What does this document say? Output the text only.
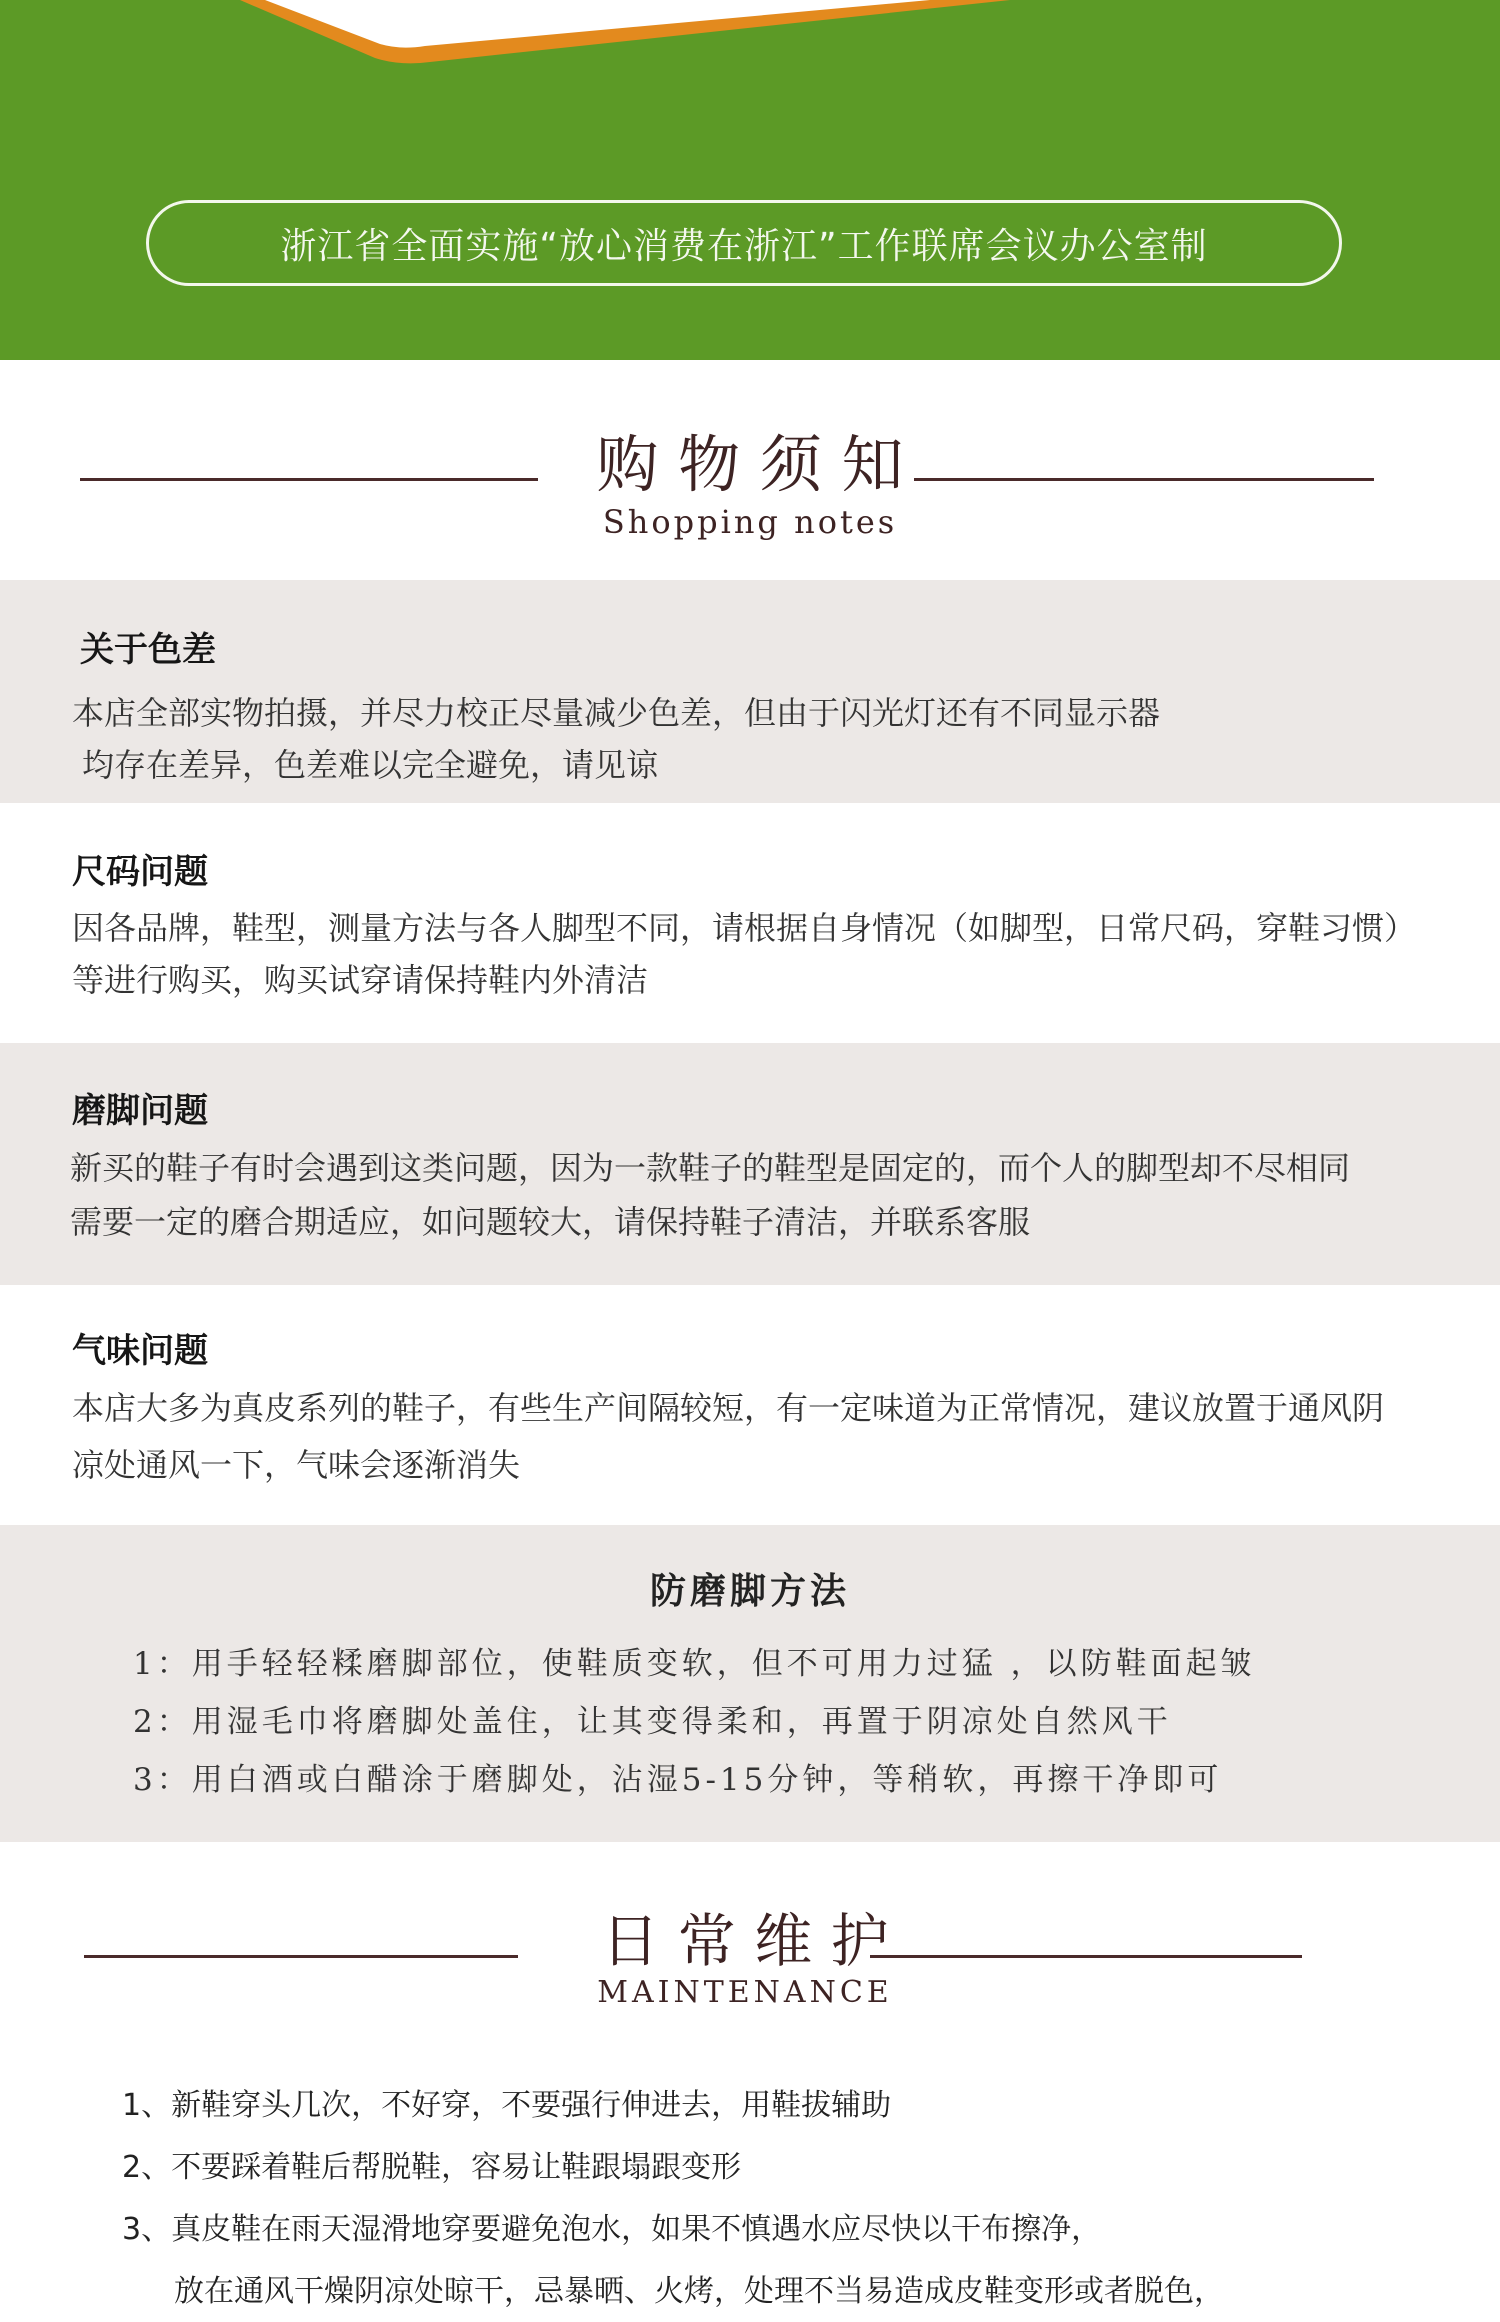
浙江省全面实施“放心消费在浙江”工作联席会议办公室制
购 物 须 知
Shopping notes
关于色差
本店全部实物拍摄，并尽力校正尽量减少色差，但由于闪光灯还有不同显示器
均存在差异，色差难以完全避免，请见谅
尺码问题
因各品牌，鞋型，测量方法与各人脚型不同，请根据自身情况（如脚型，日常尺码，穿鞋习惯）
等进行购买，购买试穿请保持鞋内外清洁
磨脚问题
新买的鞋子有时会遇到这类问题，因为一款鞋子的鞋型是固定的，而个人的脚型却不尽相同
需要一定的磨合期适应，如问题较大，请保持鞋子清洁，并联系客服
气味问题
本店大多为真皮系列的鞋子，有些生产间隔较短，有一定味道为正常情况，建议放置于通风阴
凉处通风一下，气味会逐渐消失
防磨脚方法
1：用手轻轻糅磨脚部位，使鞋质变软，但不可用力过猛 ，以防鞋面起皱
2：用湿毛巾将磨脚处盖住，让其变得柔和，再置于阴凉处自然风干
3：用白酒或白醋涂于磨脚处，沾湿5-15分钟，等稍软，再擦干净即可
日 常 维 护
MAINTENANCE
1、新鞋穿头几次，不好穿，不要强行伸进去，用鞋拔辅助
2、不要踩着鞋后帮脱鞋，容易让鞋跟塌跟变形
3、真皮鞋在雨天湿滑地穿要避免泡水，如果不慎遇水应尽快以干布擦净，
放在通风干燥阴凉处晾干，忌暴晒、火烤，处理不当易造成皮鞋变形或者脱色，
